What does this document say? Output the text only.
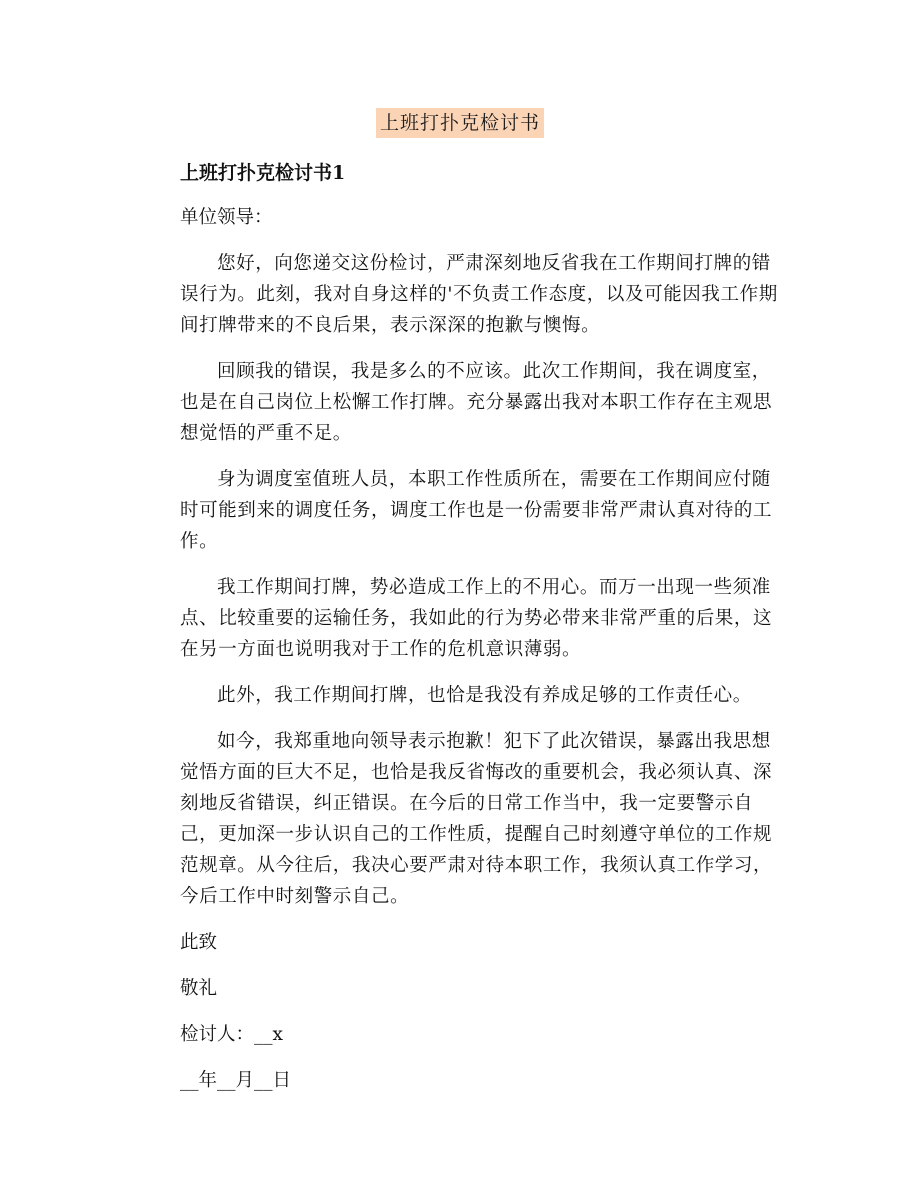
上班打扑克检讨书
上班打扑克检讨书1
单位领导：

您好，向您递交这份检讨，严肃深刻地反省我在工作期间打牌的错误行为。此刻，我对自身这样的'不负责工作态度，以及可能因我工作期间打牌带来的不良后果，表示深深的抱歉与懊悔。

回顾我的错误，我是多么的不应该。此次工作期间，我在调度室，也是在自己岗位上松懈工作打牌。充分暴露出我对本职工作存在主观思想觉悟的严重不足。

身为调度室值班人员，本职工作性质所在，需要在工作期间应付随时可能到来的调度任务，调度工作也是一份需要非常严肃认真对待的工作。

我工作期间打牌，势必造成工作上的不用心。而万一出现一些须准点、比较重要的运输任务，我如此的行为势必带来非常严重的后果，这在另一方面也说明我对于工作的危机意识薄弱。

此外，我工作期间打牌，也恰是我没有养成足够的工作责任心。

如今，我郑重地向领导表示抱歉！犯下了此次错误，暴露出我思想觉悟方面的巨大不足，也恰是我反省悔改的重要机会，我必须认真、深刻地反省错误，纠正错误。在今后的日常工作当中，我一定要警示自己，更加深一步认识自己的工作性质，提醒自己时刻遵守单位的工作规范规章。从今往后，我决心要严肃对待本职工作，我须认真工作学习，今后工作中时刻警示自己。

此致
敬礼
检讨人：__x
__年__月__日
